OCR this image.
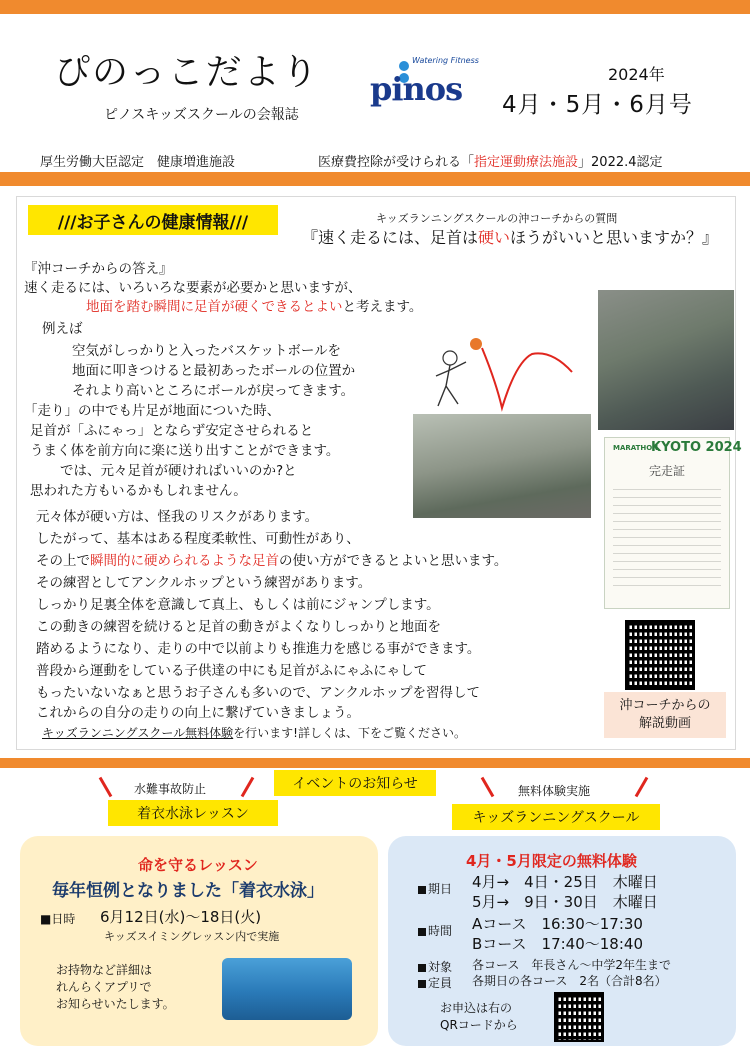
ぴのっこだより
ピノスキッズスクールの会報誌
Watering Fitness
pinos	2024年
4月・5月・6月号
厚生労働大臣認定　健康増進施設	医療費控除が受けられる「指定運動療法施設」2022.4認定
///お子さんの健康情報///	キッズランニングスクールの沖コーチからの質問
『速く走るには、足首は硬いほうがいいと思いますか？』
『沖コーチからの答え』
速く走るには、いろいろな要素が必要かと思いますが、
地面を踏む瞬間に足首が硬くできるとよいと考えます。
例えば
空気がしっかりと入ったバスケットボールを
地面に叩きつけると最初あったボールの位置か
それより高いところにボールが戻ってきます。
「走り」の中でも片足が地面についた時、
足首が「ふにゃっ」とならず安定させられると
うまく体を前方向に楽に送り出すことができます。
では、元々足首が硬ければいいのか?と
思われた方もいるかもしれません。
元々体が硬い方は、怪我のリスクがあります。
したがって、基本はある程度柔軟性、可動性があり、
その上で瞬間的に硬められるような足首の使い方ができるとよいと思います。
その練習としてアンクルホップという練習があります。
しっかり足裏全体を意識して真上、もしくは前にジャンプします。
この動きの練習を続けると足首の動きがよくなりしっかりと地面を
踏めるようになり、走りの中で以前よりも推進力を感じる事ができます。
普段から運動をしている子供達の中にも足首がふにゃふにゃして
もったいないなぁと思うお子さんも多いので、アンクルホップを習得して
これからの自分の走りの向上に繋げていきましょう。
キッズランニングスクール無料体験を行います!詳しくは、下をご覧ください。
MARATHON
KYOTO 2024
完走証
沖コーチからの
解説動画
水難事故防止	イベントのお知らせ	無料体験実施
着衣水泳レッスン	キッズランニングスクール
命を守るレッスン
毎年恒例となりました「着衣水泳」
■日時 6月12日(水)～18日(火)
キッズスイミングレッスン内で実施
お持物など詳細は
れんらくアプリで
お知らせいたします。
4月・5月限定の無料体験
期日 4月→　4日・25日　木曜日
5月→　9日・30日　木曜日
時間 Aコース　16:30～17:30
Bコース　17:40～18:40
対象 各コース　年長さん～中学2年生まで
定員 各期日の各コース　2名（合計8名）
お申込は右の
QRコードから
